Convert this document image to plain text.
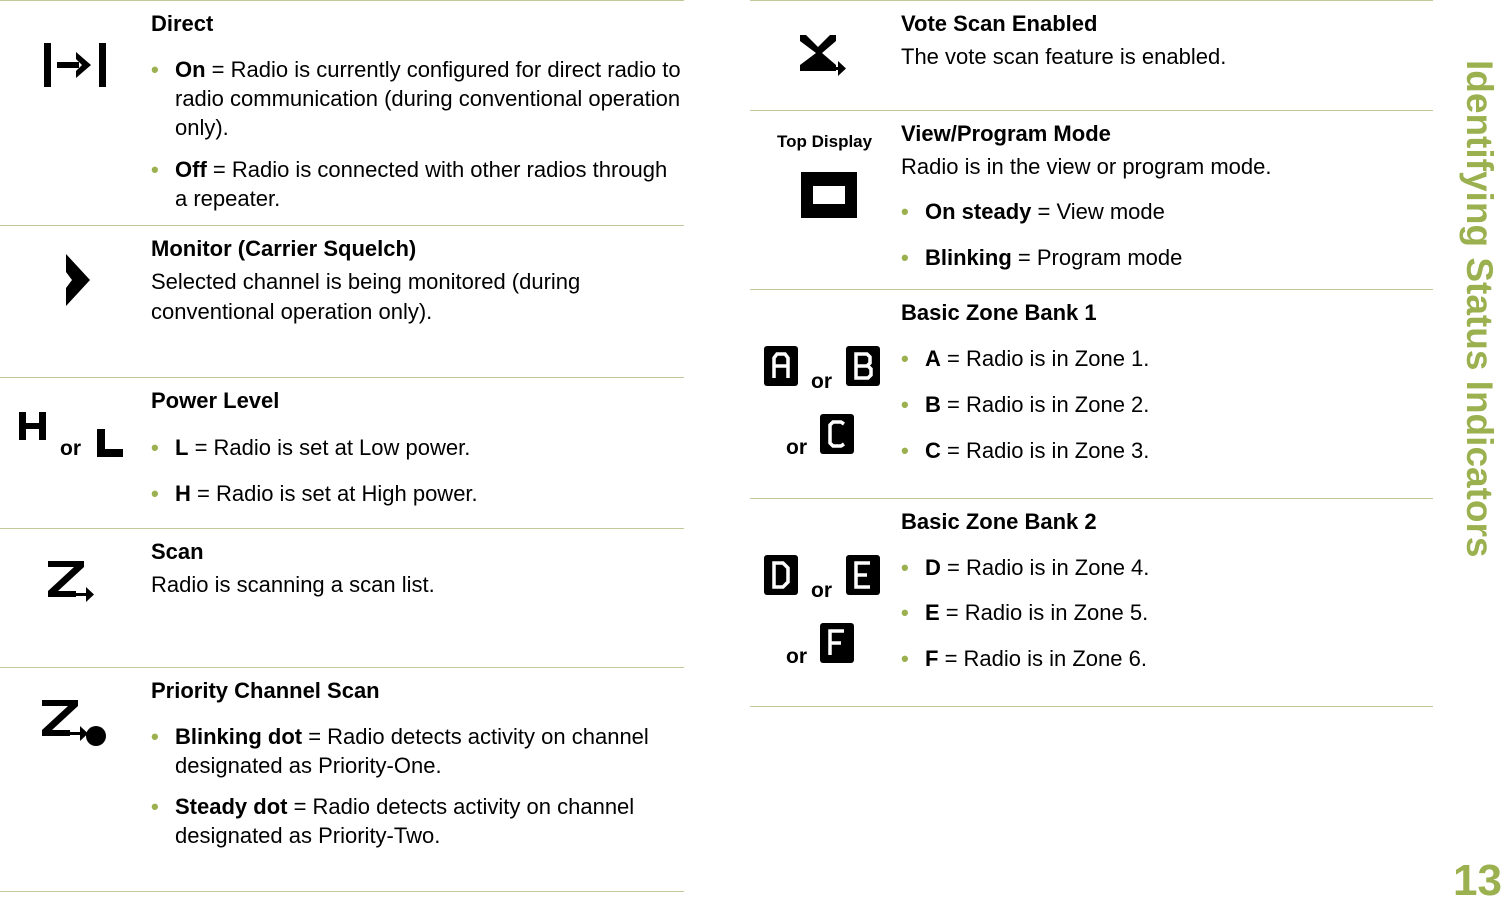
Direct
• On = Radio is currently configured for direct radio to radio communication (during conventional operation only).
• Off = Radio is connected with other radios through a repeater.
Monitor (Carrier Squelch)
Selected channel is being monitored (during conventional operation only).
or
Power Level
• L = Radio is set at Low power.
• H = Radio is set at High power.
Scan
Radio is scanning a scan list.
Priority Channel Scan
• Blinking dot = Radio detects activity on channel designated as Priority-One.
• Steady dot = Radio detects activity on channel designated as Priority-Two.
Vote Scan Enabled
The vote scan feature is enabled.
Top Display View/Program Mode
Radio is in the view or program mode.
• On steady = View mode
• Blinking = Program mode
or
or
Basic Zone Bank 1
• A = Radio is in Zone 1.
• B = Radio is in Zone 2.
• C = Radio is in Zone 3.
or
or
Basic Zone Bank 2
• D = Radio is in Zone 4.
• E = Radio is in Zone 5.
• F = Radio is in Zone 6.
Identifying Status Indicators
13
